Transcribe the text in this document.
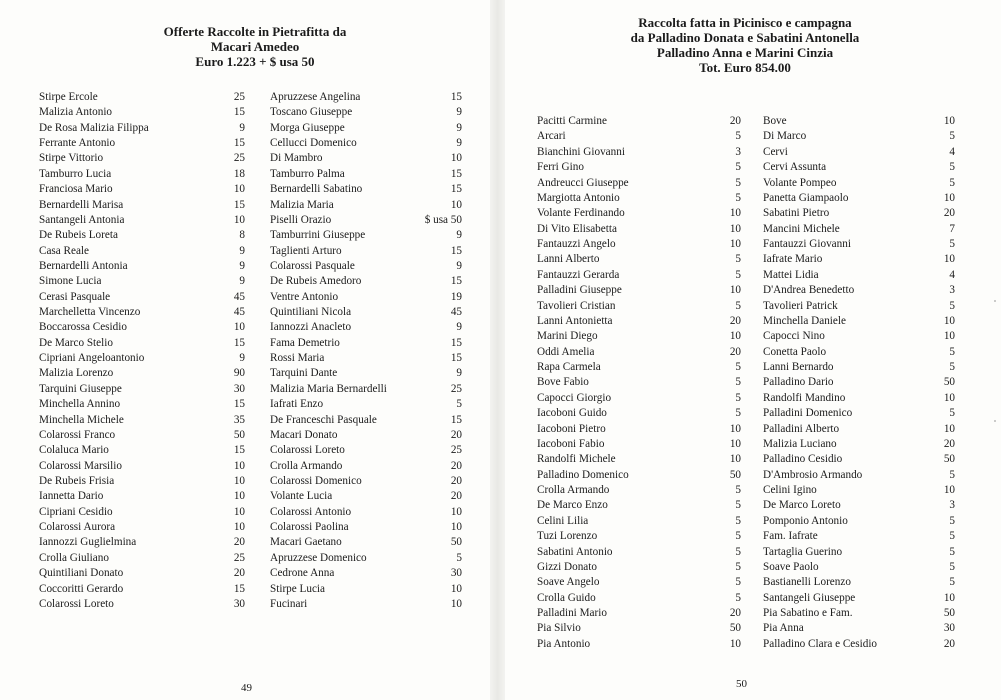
Offerte Raccolte in Pietrafitta da
Macari Amedeo
Euro 1.223 + $ usa 50
Stirpe Ercole	25
Malizia Antonio	15
De Rosa Malizia Filippa	9
Ferrante Antonio	15
Stirpe Vittorio	25
Tamburro Lucia	18
Franciosa Mario	10
Bernardelli Marisa	15
Santangeli Antonia	10
De Rubeis Loreta	8
Casa Reale	9
Bernardelli Antonia	9
Simone Lucia	9
Cerasi Pasquale	45
Marchelletta Vincenzo	45
Boccarossa Cesidio	10
De Marco Stelio	15
Cipriani Angeloantonio	9
Malizia Lorenzo	90
Tarquini Giuseppe	30
Minchella Annino	15
Minchella Michele	35
Colarossi Franco	50
Colaluca Mario	15
Colarossi Marsilio	10
De Rubeis Frisia	10
Iannetta Dario	10
Cipriani Cesidio	10
Colarossi Aurora	10
Iannozzi Guglielmina	20
Crolla Giuliano	25
Quintiliani Donato	20
Coccoritti Gerardo	15
Colarossi Loreto	30
Apruzzese Angelina	15
Toscano Giuseppe	9
Morga Giuseppe	9
Cellucci Domenico	9
Di Mambro	10
Tamburro Palma	15
Bernardelli Sabatino	15
Malizia Maria	10
Piselli Orazio	$ usa 50
Tamburrini Giuseppe	9
Taglienti Arturo	15
Colarossi Pasquale	9
De Rubeis Amedoro	15
Ventre Antonio	19
Quintiliani Nicola	45
Iannozzi Anacleto	9
Fama Demetrio	15
Rossi Maria	15
Tarquini Dante	9
Malizia Maria Bernardelli	25
Iafrati Enzo	5
De Franceschi Pasquale	15
Macari Donato	20
Colarossi Loreto	25
Crolla Armando	20
Colarossi Domenico	20
Volante Lucia	20
Colarossi Antonio	10
Colarossi Paolina	10
Macari Gaetano	50
Apruzzese Domenico	5
Cedrone Anna	30
Stirpe Lucia	10
Fucinari	10
49
Raccolta fatta in Picinisco e campagna
da Palladino Donata e Sabatini Antonella
Palladino Anna e Marini Cinzia
Tot. Euro 854.00
Pacitti Carmine	20
Arcari	5
Bianchini Giovanni	3
Ferri Gino	5
Andreucci Giuseppe	5
Margiotta Antonio	5
Volante Ferdinando	10
Di Vito Elisabetta	10
Fantauzzi Angelo	10
Lanni Alberto	5
Fantauzzi Gerarda	5
Palladini Giuseppe	10
Tavolieri Cristian	5
Lanni Antonietta	20
Marini Diego	10
Oddi Amelia	20
Rapa Carmela	5
Bove Fabio	5
Capocci Giorgio	5
Iacoboni Guido	5
Iacoboni Pietro	10
Iacoboni Fabio	10
Randolfi Michele	10
Palladino Domenico	50
Crolla Armando	5
De Marco Enzo	5
Celini Lilia	5
Tuzi Lorenzo	5
Sabatini Antonio	5
Gizzi Donato	5
Soave Angelo	5
Crolla Guido	5
Palladini Mario	20
Pia Silvio	50
Pia Antonio	10
Bove	10
Di Marco	5
Cervi	4
Cervi Assunta	5
Volante Pompeo	5
Panetta Giampaolo	10
Sabatini Pietro	20
Mancini Michele	7
Fantauzzi Giovanni	5
Iafrate Mario	10
Mattei Lidia	4
D'Andrea Benedetto	3
Tavolieri Patrick	5
Minchella Daniele	10
Capocci Nino	10
Conetta Paolo	5
Lanni Bernardo	5
Palladino Dario	50
Randolfi Mandino	10
Palladini Domenico	5
Palladini Alberto	10
Malizia Luciano	20
Palladino Cesidio	50
D'Ambrosio Armando	5
Celini Igino	10
De Marco Loreto	3
Pomponio Antonio	5
Fam. Iafrate	5
Tartaglia Guerino	5
Soave Paolo	5
Bastianelli Lorenzo	5
Santangeli Giuseppe	10
Pia Sabatino e Fam.	50
Pia Anna	30
Palladino Clara e Cesidio	20
50
